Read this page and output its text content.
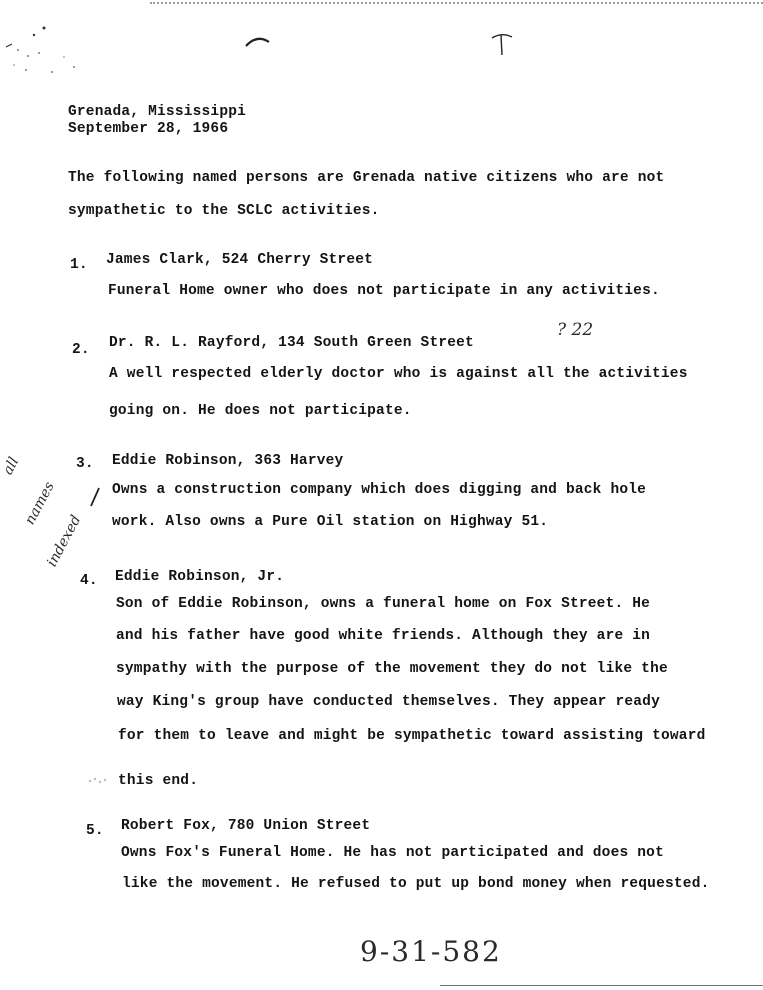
Grenada, Mississippi
September 28, 1966
The following named persons are Grenada native citizens who are not
sympathetic to the SCLC activities.
1. James Clark, 524 Cherry Street
Funeral Home owner who does not participate in any activities.
2. Dr. R. L. Rayford, 134 South Green Street
A well respected elderly doctor who is against all the activities
going on. He does not participate.
? 22
3. Eddie Robinson, 363 Harvey
Owns a construction company which does digging and back hole
work. Also owns a Pure Oil station on Highway 51.
all
names
indexed
4. Eddie Robinson, Jr.
Son of Eddie Robinson, owns a funeral home on Fox Street. He
and his father have good white friends. Although they are in
sympathy with the purpose of the movement they do not like the
way King's group have conducted themselves. They appear ready
for them to leave and might be sympathetic toward assisting toward
this end.
5. Robert Fox, 780 Union Street
Owns Fox's Funeral Home. He has not participated and does not
like the movement. He refused to put up bond money when requested.
9-31-582
